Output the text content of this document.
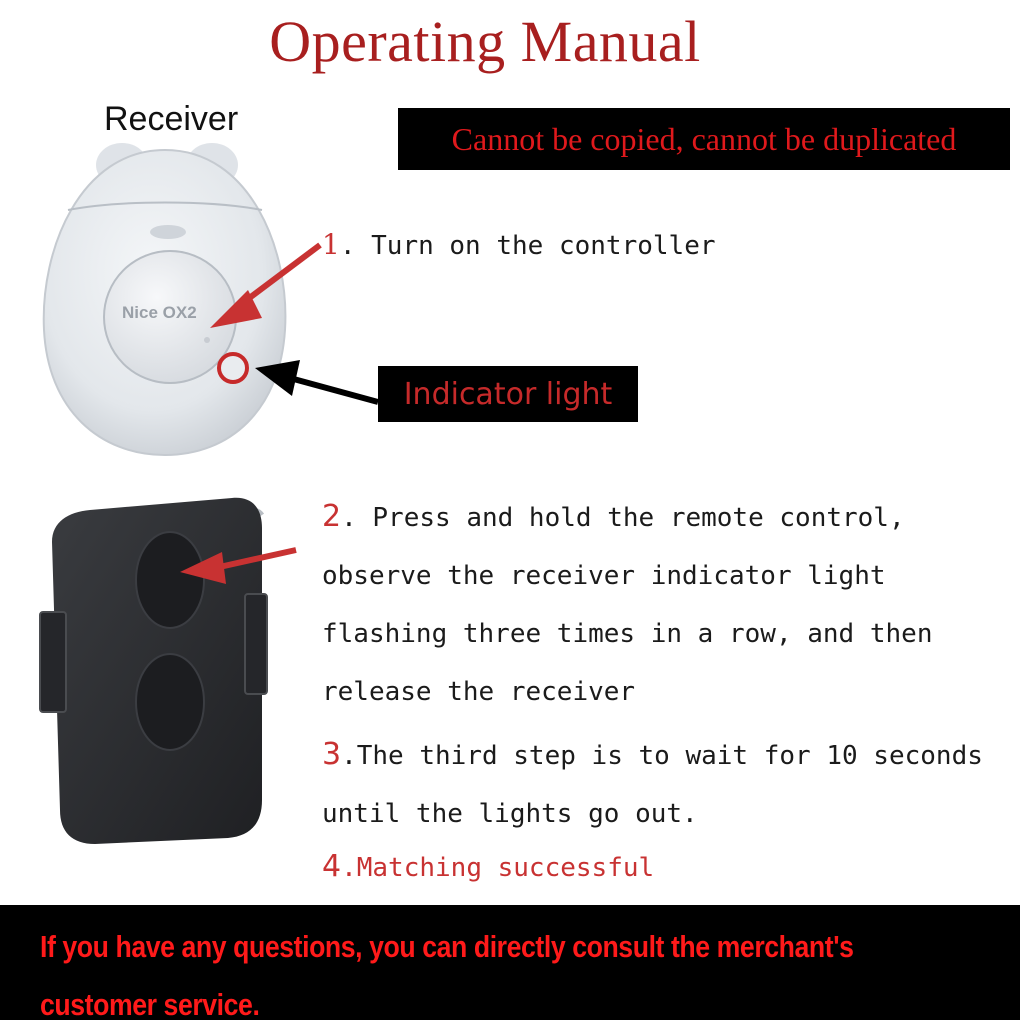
Operating Manual
Receiver
Cannot be copied, cannot be duplicated
Nice OX2
Indicator light
1. Turn on the controller
2. Press and hold the remote control,
observe the receiver indicator light
flashing three times in a row, and then
release the receiver
3.The third step is to wait for 10 seconds
until the lights go out.
4.Matching successful
If you have any questions, you can directly consult the merchant's
customer service.
